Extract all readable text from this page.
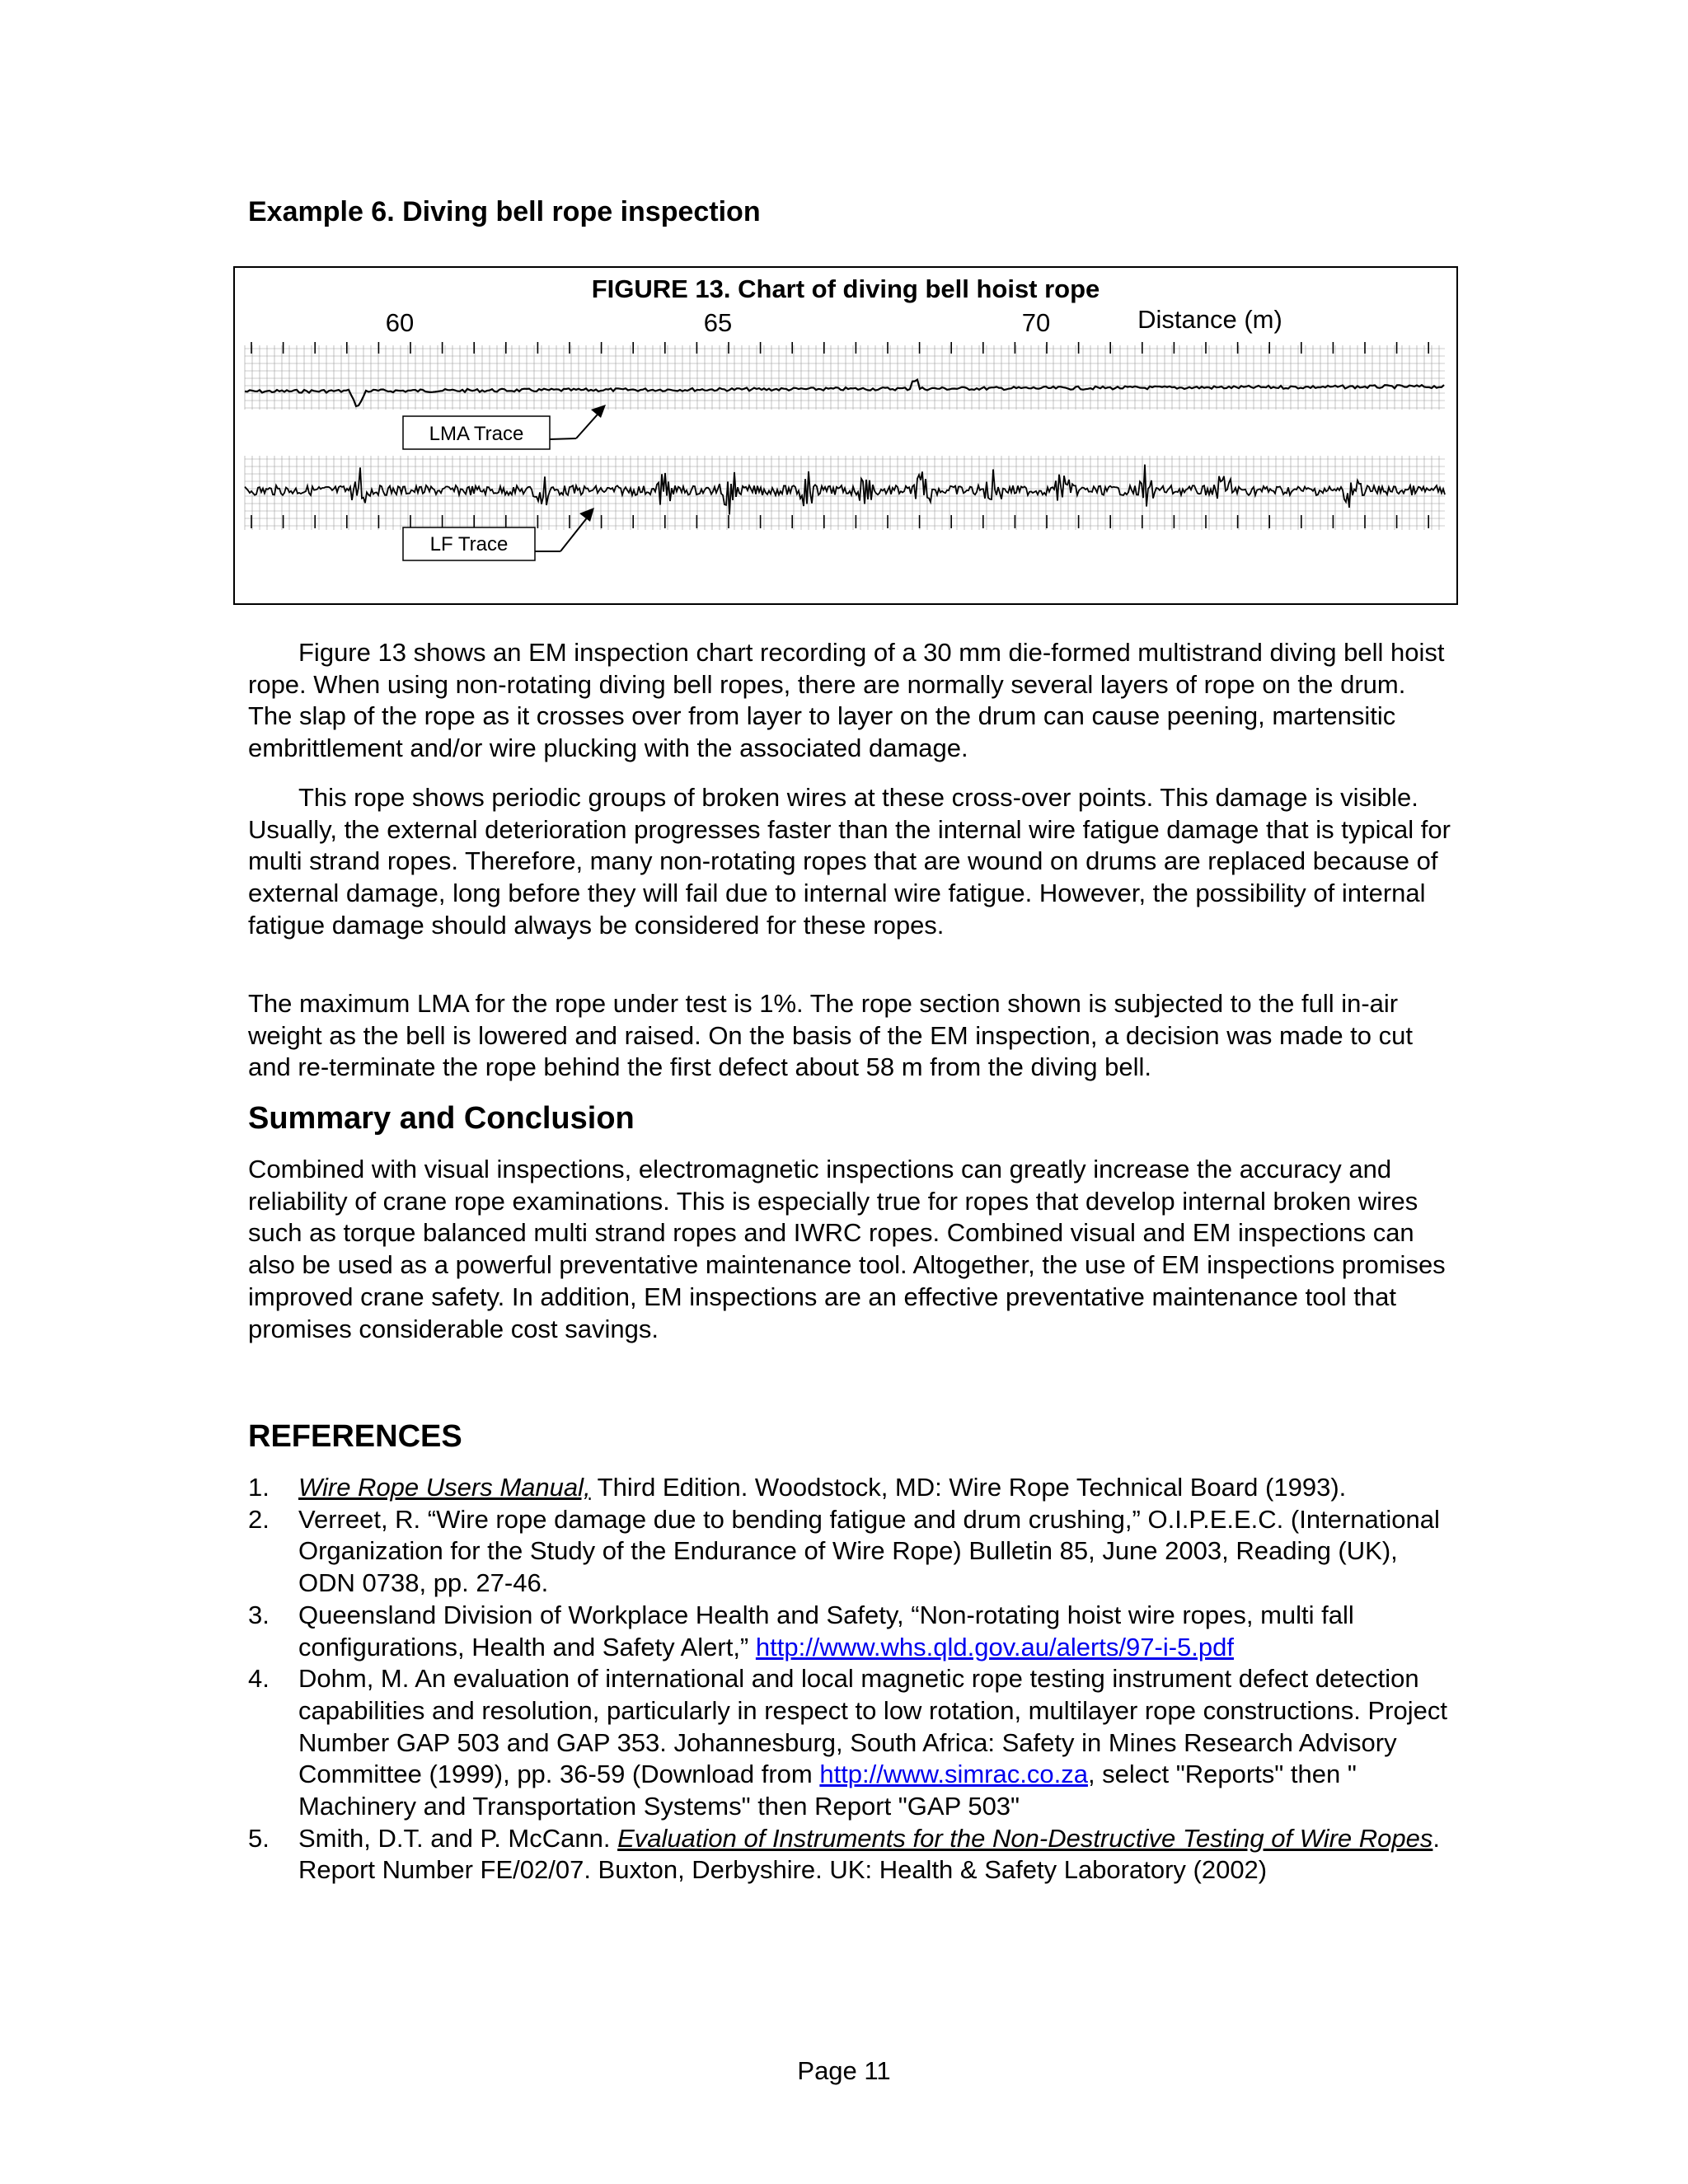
Example 6. Diving bell rope inspection
FIGURE 13. Chart of diving bell hoist rope
60	65	70	Distance (m)
LMA Trace
LF Trace

Figure 13 shows an EM inspection chart recording of a 30 mm die-formed multistrand diving bell hoist rope. When using non-rotating diving bell ropes, there are normally several layers of rope on the drum. The slap of the rope as it crosses over from layer to layer on the drum can cause peening, martensitic embrittlement and/or wire plucking with the associated damage.

This rope shows periodic groups of broken wires at these cross-over points. This damage is visible. Usually, the external deterioration progresses faster than the internal wire fatigue damage that is typical for multi strand ropes. Therefore, many non-rotating ropes that are wound on drums are replaced because of external damage, long before they will fail due to internal wire fatigue. However, the possibility of internal fatigue damage should always be considered for these ropes.

The maximum LMA for the rope under test is 1%. The rope section shown is subjected to the full in-air weight as the bell is lowered and raised. On the basis of the EM inspection, a decision was made to cut and re-terminate the rope behind the first defect about 58 m from the diving bell.

Summary and Conclusion

Combined with visual inspections, electromagnetic inspections can greatly increase the accuracy and reliability of crane rope examinations. This is especially true for ropes that develop internal broken wires such as torque balanced multi strand ropes and IWRC ropes. Combined visual and EM inspections can also be used as a powerful preventative maintenance tool. Altogether, the use of EM inspections promises improved crane safety. In addition, EM inspections are an effective preventative maintenance tool that promises considerable cost savings.

REFERENCES
1. Wire Rope Users Manual, Third Edition. Woodstock, MD: Wire Rope Technical Board (1993).
2. Verreet, R. “Wire rope damage due to bending fatigue and drum crushing,” O.I.P.E.E.C. (International Organization for the Study of the Endurance of Wire Rope) Bulletin 85, June 2003, Reading (UK), ODN 0738, pp. 27-46.
3. Queensland Division of Workplace Health and Safety, “Non-rotating hoist wire ropes, multi fall configurations, Health and Safety Alert,” http://www.whs.qld.gov.au/alerts/97-i-5.pdf
4. Dohm, M. An evaluation of international and local magnetic rope testing instrument defect detection capabilities and resolution, particularly in respect to low rotation, multilayer rope constructions. Project Number GAP 503 and GAP 353. Johannesburg, South Africa: Safety in Mines Research Advisory Committee (1999), pp. 36-59 (Download from http://www.simrac.co.za, select "Reports" then " Machinery and Transportation Systems" then Report "GAP 503"
5. Smith, D.T. and P. McCann. Evaluation of Instruments for the Non-Destructive Testing of Wire Ropes. Report Number FE/02/07. Buxton, Derbyshire. UK: Health & Safety Laboratory (2002)
Page 11
